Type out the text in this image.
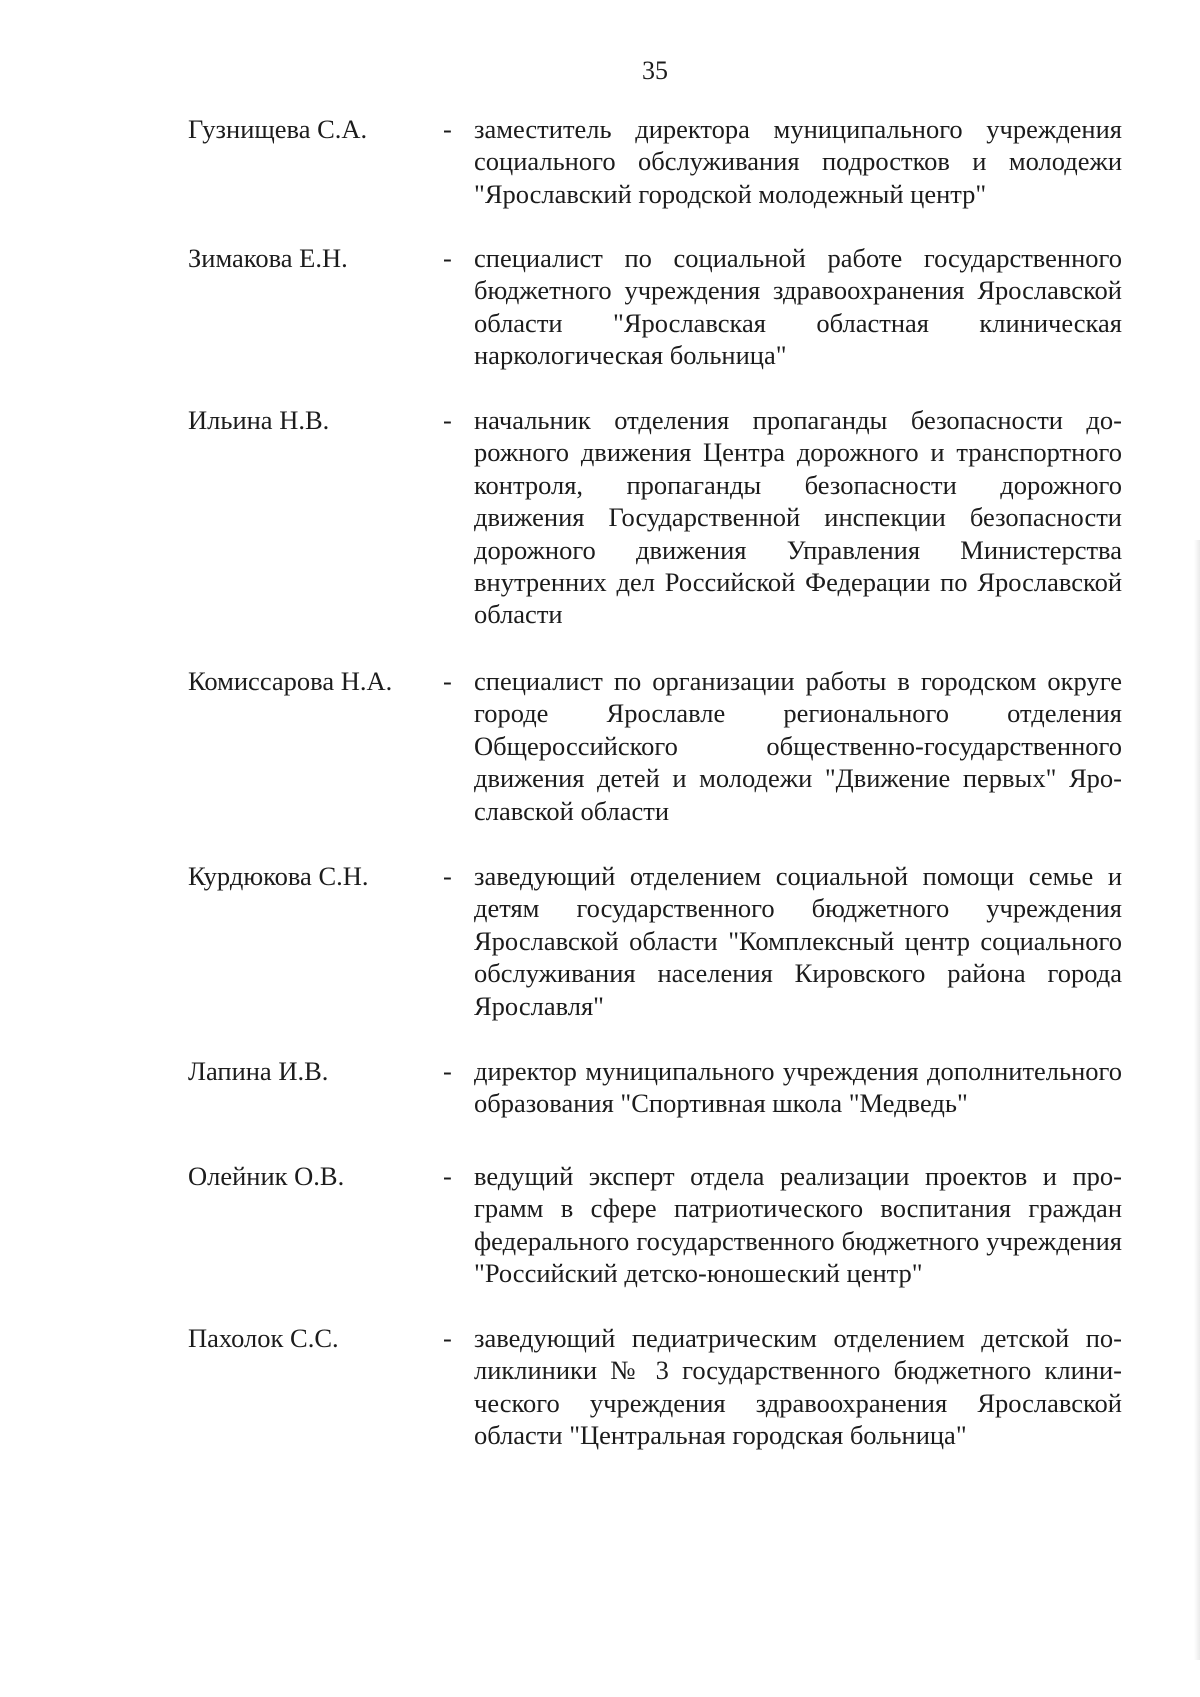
35
Гузнищева С.А.	- заместитель директора муниципального учреждения социального обслуживания подростков и молодежи "Ярославский городской молодежный центр"
Зимакова Е.Н.	- специалист по социальной работе государственного бюджетного учреждения здравоохранения Ярославской области "Ярославская областная клиническая наркологическая больница"
Ильина Н.В.	- начальник отделения пропаганды безопасности дорожного движения Центра дорожного и транспортного контроля, пропаганды безопасности дорожного движения Государственной инспекции безопасности дорожного движения Управления Министерства внутренних дел Российской Федерации по Ярославской области
Комиссарова Н.А. - специалист по организации работы в городском округе городе Ярославле регионального отделения Общероссийского общественно-государственного движения детей и молодежи "Движение первых" Ярославской области
Курдюкова С.Н.	- заведующий отделением социальной помощи семье и детям государственного бюджетного учреждения Ярославской области "Комплексный центр социального обслуживания населения Кировского района города Ярославля"
Лапина И.В.	- директор муниципального учреждения дополнительного образования "Спортивная школа "Медведь"
Олейник О.В.	- ведущий эксперт отдела реализации проектов и программ в сфере патриотического воспитания граждан федерального государственного бюджетного учреждения "Российский детско-юношеский центр"
Пахолок С.С.	- заведующий педиатрическим отделением детской поликлиники № 3 государственного бюджетного клинического учреждения здравоохранения Ярославской области "Центральная городская больница"
